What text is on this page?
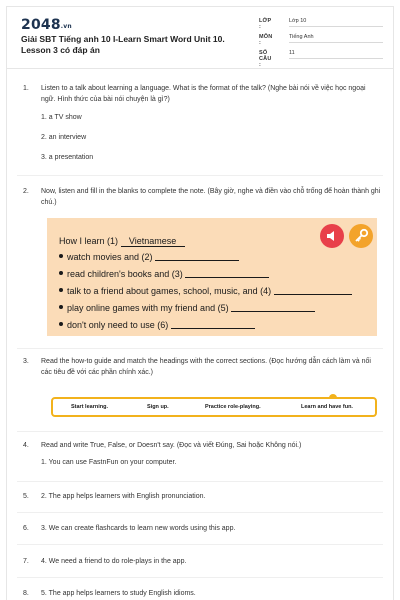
2048.vn
Giải SBT Tiếng anh 10 I-Learn Smart Word Unit 10. Lesson 3 có đáp án
LỚP :
Lớp 10
MÔN :
Tiếng Anh
SỐ CÂU :
11
1.	Listen to a talk about learning a language. What is the format of the talk? (Nghe bài nói về việc học ngoại ngữ. Hình thức của bài nói chuyện là gì?)
1. a TV show
2. an interview
3. a presentation
2.	Now, listen and fill in the blanks to complete the note. (Bây giờ, nghe và điền vào chỗ trống để hoàn thành ghi chú.)
How I learn (1) Vietnamese
watch movies and (2)
read children's books and (3)
talk to a friend about games, school, music, and (4)
play online games with my friend and (5)
don't only need to use (6)
3.	Read the how-to guide and match the headings with the correct sections. (Đọc hướng dẫn cách làm và nối các tiêu đề với các phần chính xác.)
Start learning.	Sign up.	Practice role-playing.	Learn and have fun.
4.	Read and write True, False, or Doesn't say. (Đọc và viết Đúng, Sai hoặc Không nói.)
1. You can use FastnFun on your computer.
5.	2. The app helps learners with English pronunciation.
6.	3. We can create flashcards to learn new words using this app.
7.	4. We need a friend to do role-plays in the app.
8.	5. The app helps learners to study English idioms.
